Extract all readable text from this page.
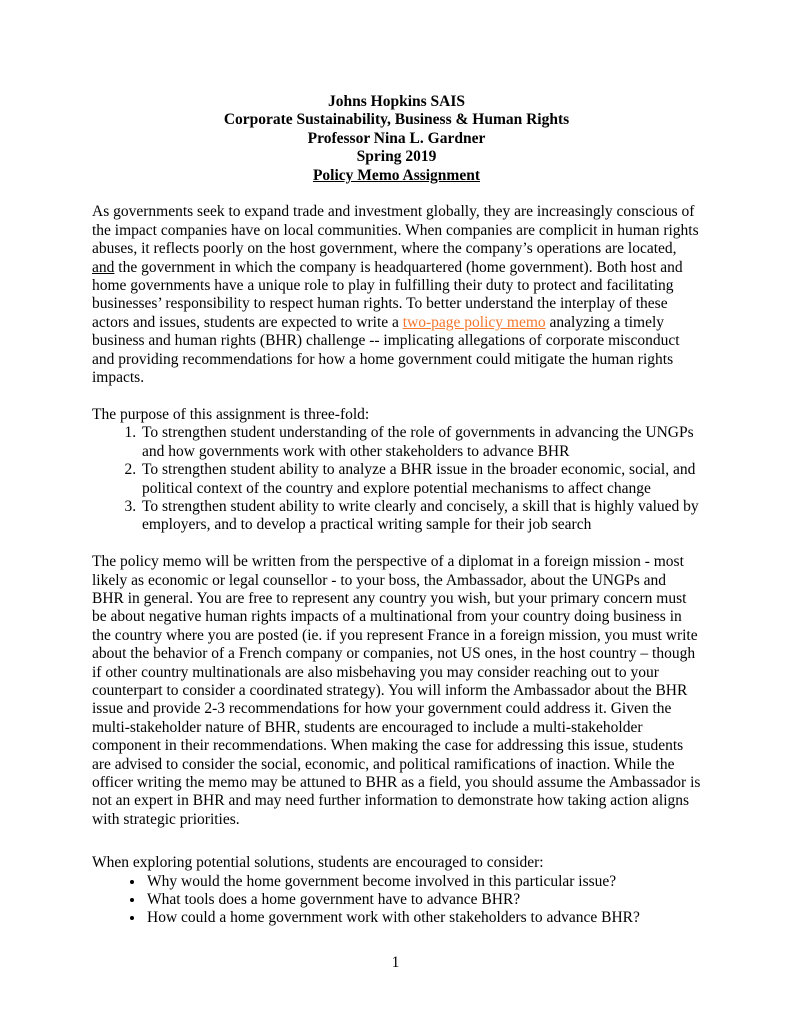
Johns Hopkins SAIS
Corporate Sustainability, Business & Human Rights
Professor Nina L. Gardner
Spring 2019
Policy Memo Assignment

As governments seek to expand trade and investment globally, they are increasingly conscious of the impact companies have on local communities. When companies are complicit in human rights abuses, it reflects poorly on the host government, where the company’s operations are located, and the government in which the company is headquartered (home government). Both host and home governments have a unique role to play in fulfilling their duty to protect and facilitating businesses’ responsibility to respect human rights. To better understand the interplay of these actors and issues, students are expected to write a two-page policy memo analyzing a timely business and human rights (BHR) challenge -- implicating allegations of corporate misconduct and providing recommendations for how a home government could mitigate the human rights impacts.

The purpose of this assignment is three-fold:

1. To strengthen student understanding of the role of governments in advancing the UNGPs and how governments work with other stakeholders to advance BHR
2. To strengthen student ability to analyze a BHR issue in the broader economic, social, and political context of the country and explore potential mechanisms to affect change
3. To strengthen student ability to write clearly and concisely, a skill that is highly valued by employers, and to develop a practical writing sample for their job search

The policy memo will be written from the perspective of a diplomat in a foreign mission - most likely as economic or legal counsellor - to your boss, the Ambassador, about the UNGPs and BHR in general. You are free to represent any country you wish, but your primary concern must be about negative human rights impacts of a multinational from your country doing business in the country where you are posted (ie. if you represent France in a foreign mission, you must write about the behavior of a French company or companies, not US ones, in the host country – though if other country multinationals are also misbehaving you may consider reaching out to your counterpart to consider a coordinated strategy). You will inform the Ambassador about the BHR issue and provide 2-3 recommendations for how your government could address it. Given the multi-stakeholder nature of BHR, students are encouraged to include a multi-stakeholder component in their recommendations. When making the case for addressing this issue, students are advised to consider the social, economic, and political ramifications of inaction. While the officer writing the memo may be attuned to BHR as a field, you should assume the Ambassador is not an expert in BHR and may need further information to demonstrate how taking action aligns with strategic priorities.

When exploring potential solutions, students are encouraged to consider:

• Why would the home government become involved in this particular issue?
• What tools does a home government have to advance BHR?
• How could a home government work with other stakeholders to advance BHR?
1
